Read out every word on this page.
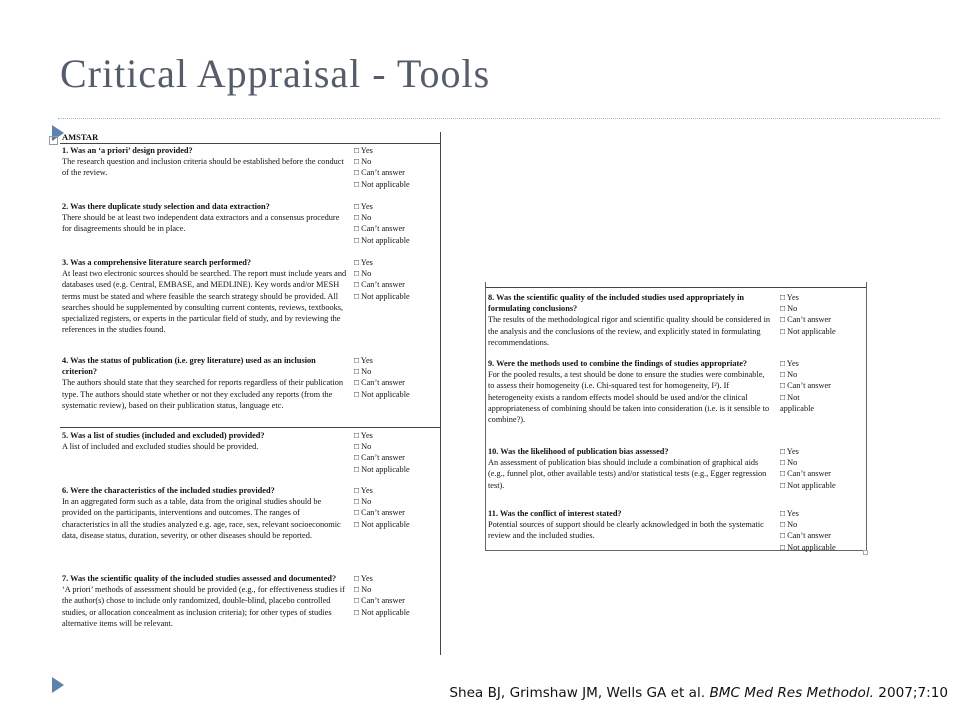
Critical Appraisal - Tools
+ AMSTAR
1. Was an ‘a priori’ design provided?
The research question and inclusion criteria should be established before the conduct of the review.
□ Yes
□ No
□ Can’t answer
□ Not applicable
2. Was there duplicate study selection and data extraction?
There should be at least two independent data extractors and a consensus procedure for disagreements should be in place.
□ Yes
□ No
□ Can’t answer
□ Not applicable
3. Was a comprehensive literature search performed?
At least two electronic sources should be searched. The report must include years and databases used (e.g. Central, EMBASE, and MEDLINE). Key words and/or MESH terms must be stated and where feasible the search strategy should be provided. All searches should be supplemented by consulting current contents, reviews, textbooks, specialized registers, or experts in the particular field of study, and by reviewing the references in the studies found.
□ Yes
□ No
□ Can’t answer
□ Not applicable
4. Was the status of publication (i.e. grey literature) used as an inclusion criterion?
The authors should state that they searched for reports regardless of their publication type. The authors should state whether or not they excluded any reports (from the systematic review), based on their publication status, language etc.
□ Yes
□ No
□ Can’t answer
□ Not applicable
5. Was a list of studies (included and excluded) provided?
A list of included and excluded studies should be provided.
□ Yes
□ No
□ Can’t answer
□ Not applicable
6. Were the characteristics of the included studies provided?
In an aggregated form such as a table, data from the original studies should be provided on the participants, interventions and outcomes. The ranges of characteristics in all the studies analyzed e.g. age, race, sex, relevant socioeconomic data, disease status, duration, severity, or other diseases should be reported.
□ Yes
□ No
□ Can’t answer
□ Not applicable
7. Was the scientific quality of the included studies assessed and documented?
‘A priori’ methods of assessment should be provided (e.g., for effectiveness studies if the author(s) chose to include only randomized, double-blind, placebo controlled studies, or allocation concealment as inclusion criteria); for other types of studies alternative items will be relevant.
□ Yes
□ No
□ Can’t answer
□ Not applicable
8. Was the scientific quality of the included studies used appropriately in formulating conclusions?
The results of the methodological rigor and scientific quality should be considered in the analysis and the conclusions of the review, and explicitly stated in formulating recommendations.
□ Yes
□ No
□ Can’t answer
□ Not applicable
9. Were the methods used to combine the findings of studies appropriate?
For the pooled results, a test should be done to ensure the studies were combinable, to assess their homogeneity (i.e. Chi-squared test for homogeneity, I²). If heterogeneity exists a random effects model should be used and/or the clinical appropriateness of combining should be taken into consideration (i.e. is it sensible to combine?).
□ Yes
□ No
□ Can’t answer
□ Not
applicable
10. Was the likelihood of publication bias assessed?
An assessment of publication bias should include a combination of graphical aids (e.g., funnel plot, other available tests) and/or statistical tests (e.g., Egger regression test).
□ Yes
□ No
□ Can’t answer
□ Not applicable
11. Was the conflict of interest stated?
Potential sources of support should be clearly acknowledged in both the systematic review and the included studies.
□ Yes
□ No
□ Can’t answer
□ Not applicable
Shea BJ, Grimshaw JM, Wells GA et al. BMC Med Res Methodol. 2007;7:10
